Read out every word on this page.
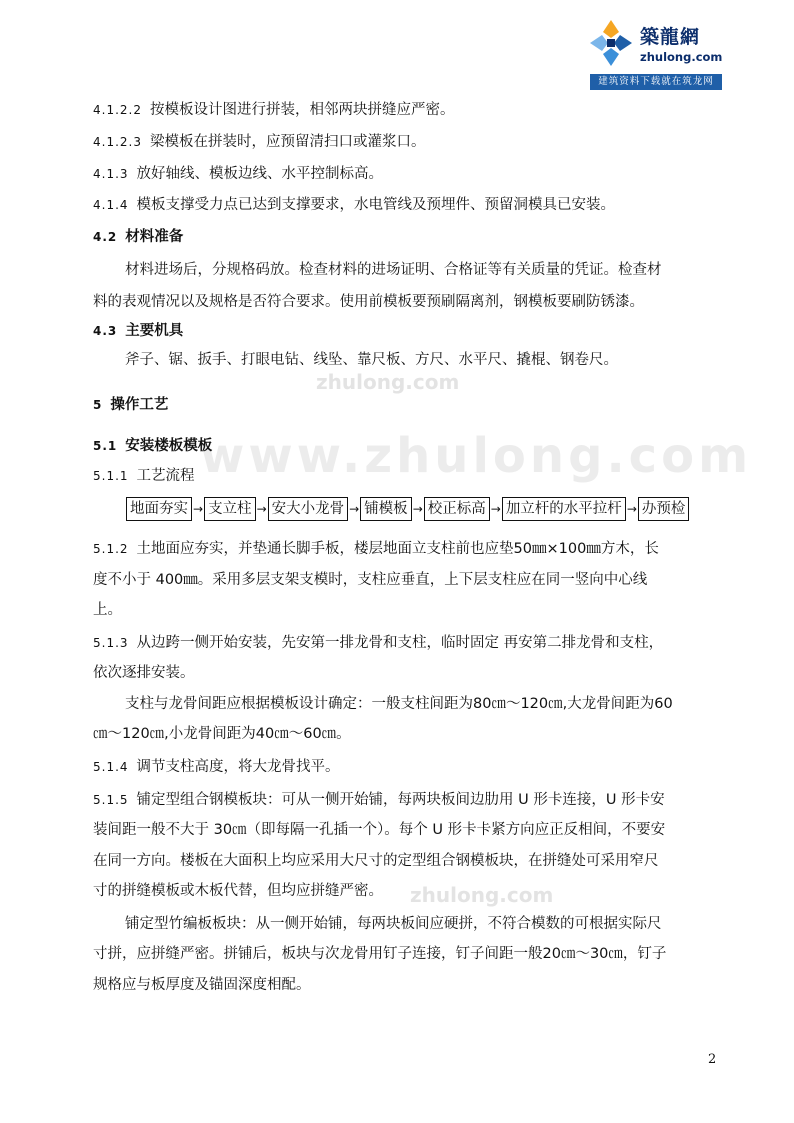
築龍網
zhulong.com
建筑资料下载就在筑龙网
zhulong.com
www.zhulong.com
zhulong.com
4.1.2.2 按模板设计图进行拼装，相邻两块拼缝应严密。
4.1.2.3 梁模板在拼装时，应预留清扫口或灌浆口。
4.1.3 放好轴线、模板边线、水平控制标高。
4.1.4 模板支撑受力点已达到支撑要求，水电管线及预埋件、预留洞模具已安装。
4.2 材料准备
材料进场后，分规格码放。检查材料的进场证明、合格证等有关质量的凭证。检查材
料的表观情况以及规格是否符合要求。使用前模板要预刷隔离剂，钢模板要刷防锈漆。
4.3 主要机具
斧子、锯、扳手、打眼电钻、线坠、靠尺板、方尺、水平尺、撬棍、钢卷尺。
5 操作工艺
5.1 安装楼板模板
5.1.1 工艺流程
地面夯实 → 支立柱 → 安大小龙骨 → 铺模板 → 校正标高 → 加立杆的水平拉杆 → 办预检
5.1.2 土地面应夯实，并垫通长脚手板，楼层地面立支柱前也应垫50㎜×100㎜方木，长
度不小于 400㎜。采用多层支架支模时，支柱应垂直，上下层支柱应在同一竖向中心线
上。
5.1.3 从边跨一侧开始安装，先安第一排龙骨和支柱，临时固定 再安第二排龙骨和支柱，
依次逐排安装。
支柱与龙骨间距应根据模板设计确定：一般支柱间距为80㎝～120㎝,大龙骨间距为60
㎝～120㎝,小龙骨间距为40㎝～60㎝。
5.1.4 调节支柱高度，将大龙骨找平。
5.1.5 铺定型组合钢模板块：可从一侧开始铺，每两块板间边肋用 U 形卡连接，U 形卡安
装间距一般不大于 30㎝（即每隔一孔插一个）。每个 U 形卡卡紧方向应正反相间，不要安
在同一方向。楼板在大面积上均应采用大尺寸的定型组合钢模板块，在拼缝处可采用窄尺
寸的拼缝模板或木板代替，但均应拼缝严密。
铺定型竹编板板块：从一侧开始铺，每两块板间应硬拼，不符合模数的可根据实际尺
寸拼，应拼缝严密。拼铺后，板块与次龙骨用钉子连接，钉子间距一般20㎝～30㎝，钉子
规格应与板厚度及锚固深度相配。
2
